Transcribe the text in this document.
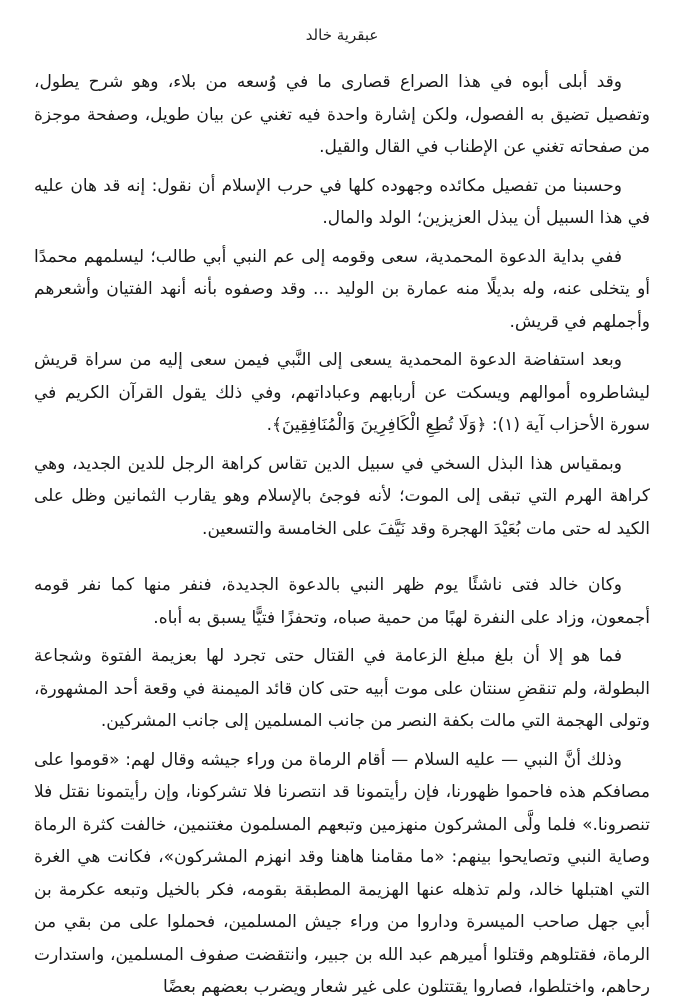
عبقرية خالد

وقد أبلى أبوه في هذا الصراع قصارى ما في وُسعه من بلاء، وهو شرح يطول، وتفصيل تضيق به الفصول، ولكن إشارة واحدة فيه تغني عن بيان طويل، وصفحة موجزة من صفحاته تغني عن الإطناب في القال والقيل.

وحسبنا من تفصيل مكائده وجهوده كلها في حرب الإسلام أن نقول: إنه قد هان عليه في هذا السبيل أن يبذل العزيزين؛ الولد والمال.

ففي بداية الدعوة المحمدية، سعى وقومه إلى عم النبي أبي طالب؛ ليسلمهم محمدًا أو يتخلى عنه، وله بديلًا منه عمارة بن الوليد ... وقد وصفوه بأنه أنهد الفتيان وأشعرهم وأجملهم في قريش.

وبعد استفاضة الدعوة المحمدية يسعى إلى النَّبي فيمن سعى إليه من سراة قريش ليشاطروه أموالهم ويسكت عن أربابهم وعباداتهم، وفي ذلك يقول القرآن الكريم في سورة الأحزاب آية (١): ﴿وَلَا تُطِعِ الْكَافِرِينَ وَالْمُنَافِقِينَ﴾.

وبمقياس هذا البذل السخي في سبيل الدين تقاس كراهة الرجل للدين الجديد، وهي كراهة الهرم التي تبقى إلى الموت؛ لأنه فوجئ بالإسلام وهو يقارب الثمانين وظل على الكيد له حتى مات بُعَيْدَ الهجرة وقد نَيَّفَ على الخامسة والتسعين.

وكان خالد فتى ناشئًا يوم ظهر النبي بالدعوة الجديدة، فنفر منها كما نفر قومه أجمعون، وزاد على النفرة لهبًا من حمية صباه، وتحفزًا فتيًّا يسبق به أباه.

فما هو إلا أن بلغ مبلغ الزعامة في القتال حتى تجرد لها بعزيمة الفتوة وشجاعة البطولة، ولم تنقضِ سنتان على موت أبيه حتى كان قائد الميمنة في وقعة أحد المشهورة، وتولى الهجمة التي مالت بكفة النصر من جانب المسلمين إلى جانب المشركين.

وذلك أنَّ النبي — عليه السلام — أقام الرماة من وراء جيشه وقال لهم: «قوموا على مصافكم هذه فاحموا ظهورنا، فإن رأيتمونا قد انتصرنا فلا تشركونا، وإن رأيتمونا نقتل فلا تنصرونا.» فلما ولَّى المشركون منهزمين وتبعهم المسلمون مغتنمين، خالفت كثرة الرماة وصاية النبي وتصايحوا بينهم: «ما مقامنا هاهنا وقد انهزم المشركون»، فكانت هي الغرة التي اهتبلها خالد، ولم تذهله عنها الهزيمة المطبقة بقومه، فكر بالخيل وتبعه عكرمة بن أبي جهل صاحب الميسرة وداروا من وراء جيش المسلمين، فحملوا على من بقي من الرماة، فقتلوهم وقتلوا أميرهم عبد الله بن جبير، وانتقضت صفوف المسلمين، واستدارت رحاهم، واختلطوا، فصاروا يقتتلون على غير شعار ويضرب بعضهم بعضًا
